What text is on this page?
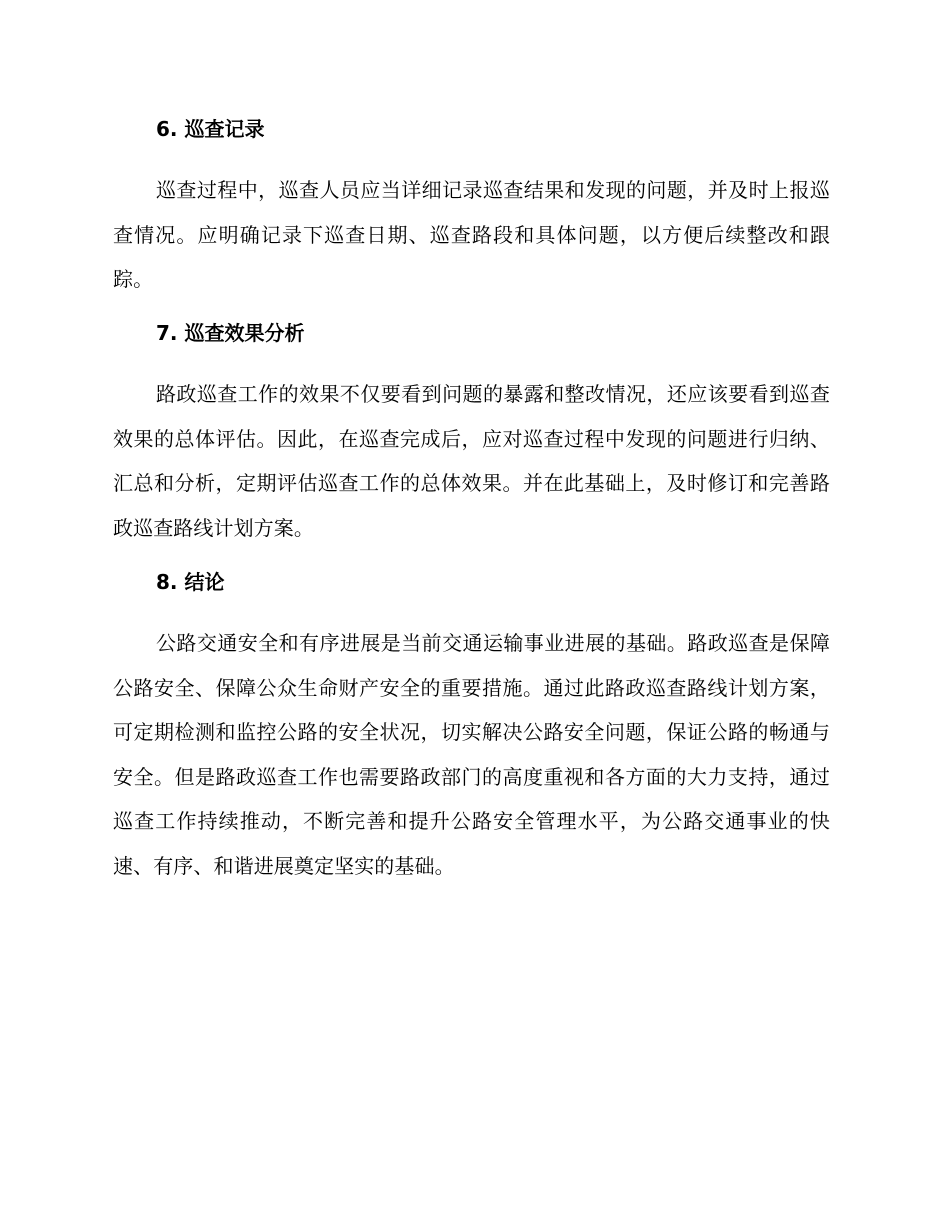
6. 巡查记录

巡查过程中，巡查人员应当详细记录巡查结果和发现的问题，并及时上报巡查情况。应明确记录下巡查日期、巡查路段和具体问题，以方便后续整改和跟踪。

7. 巡查效果分析

路政巡查工作的效果不仅要看到问题的暴露和整改情况，还应该要看到巡查效果的总体评估。因此，在巡查完成后，应对巡查过程中发现的问题进行归纳、汇总和分析，定期评估巡查工作的总体效果。并在此基础上，及时修订和完善路政巡查路线计划方案。

8. 结论

公路交通安全和有序进展是当前交通运输事业进展的基础。路政巡查是保障公路安全、保障公众生命财产安全的重要措施。通过此路政巡查路线计划方案，可定期检测和监控公路的安全状况，切实解决公路安全问题，保证公路的畅通与安全。但是路政巡查工作也需要路政部门的高度重视和各方面的大力支持，通过巡查工作持续推动，不断完善和提升公路安全管理水平，为公路交通事业的快速、有序、和谐进展奠定坚实的基础。
